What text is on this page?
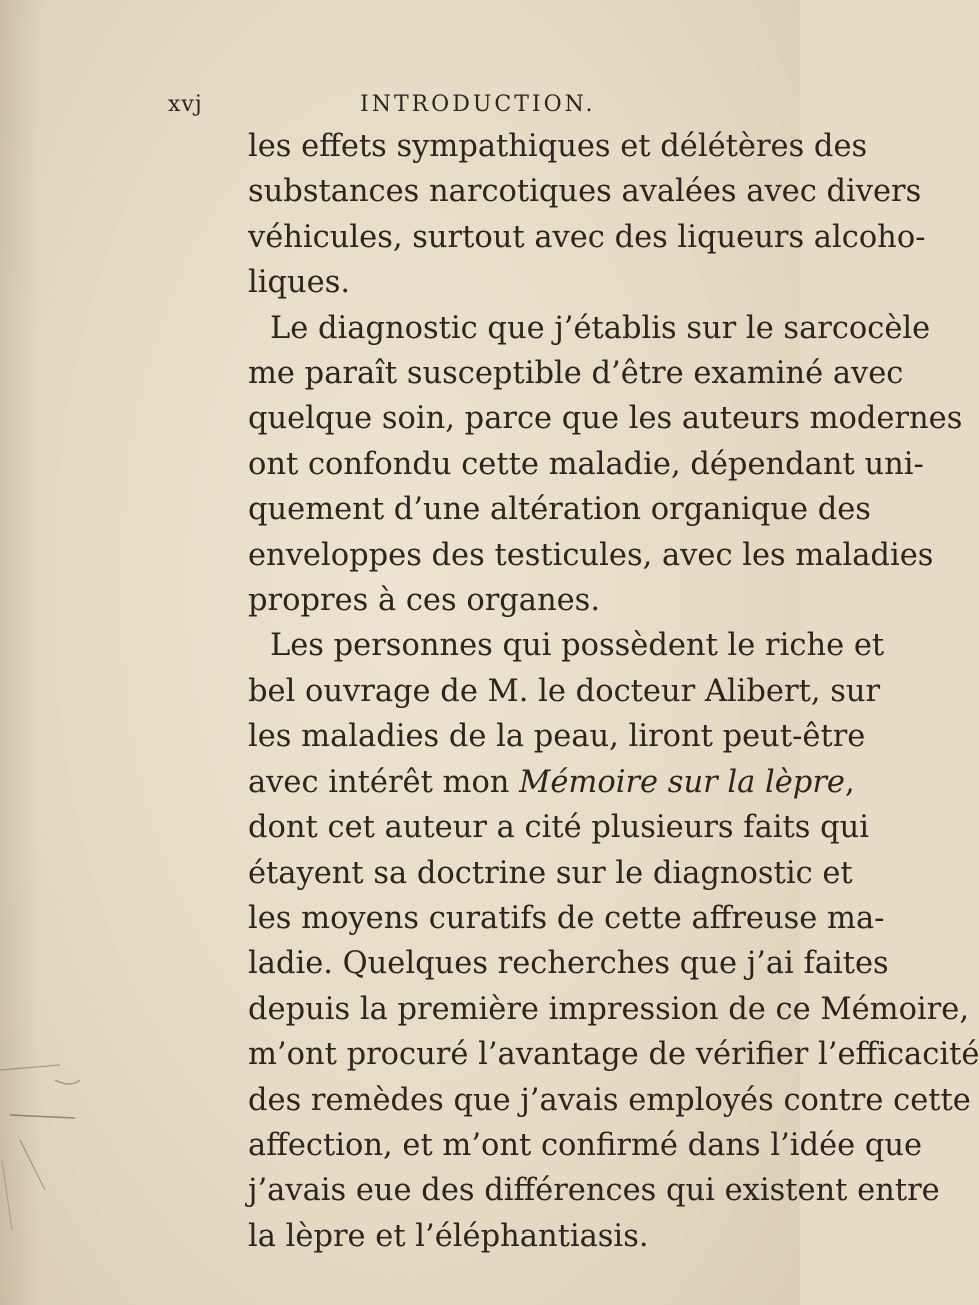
xvj	INTRODUCTION.
les effets sympathiques et délétères des
substances narcotiques avalées avec divers
véhicules, surtout avec des liqueurs alcoho-
liques.
Le diagnostic que j’établis sur le sarcocèle
me paraît susceptible d’être examiné avec
quelque soin, parce que les auteurs modernes
ont confondu cette maladie, dépendant uni-
quement d’une altération organique des
enveloppes des testicules, avec les maladies
propres à ces organes.
Les personnes qui possèdent le riche et
bel ouvrage de M. le docteur Alibert, sur
les maladies de la peau, liront peut-être
avec intérêt mon Mémoire sur la lèpre,
dont cet auteur a cité plusieurs faits qui
étayent sa doctrine sur le diagnostic et
les moyens curatifs de cette affreuse ma-
ladie. Quelques recherches que j’ai faites
depuis la première impression de ce Mémoire,
m’ont procuré l’avantage de vérifier l’efficacité
des remèdes que j’avais employés contre cette
affection, et m’ont confirmé dans l’idée que
j’avais eue des différences qui existent entre
la lèpre et l’éléphantiasis.
